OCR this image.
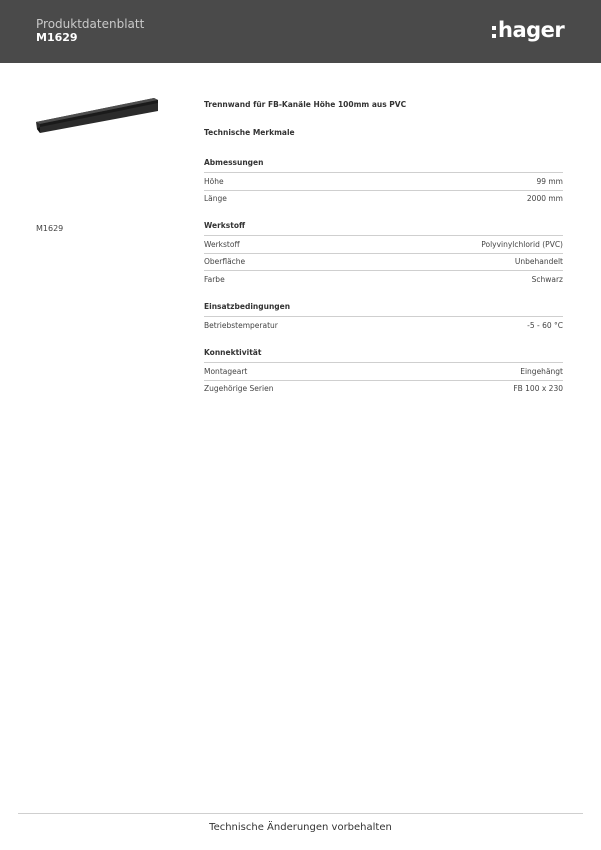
Produktdatenblatt
M1629	hager
M1629
Trennwand für FB-Kanäle Höhe 100mm aus PVC
Technische Merkmale
Abmessungen
Höhe	99 mm
Länge	2000 mm
Werkstoff
Werkstoff	Polyvinylchlorid (PVC)
Oberfläche	Unbehandelt
Farbe	Schwarz
Einsatzbedingungen
Betriebstemperatur	-5 - 60 °C
Konnektivität
Montageart	Eingehängt
Zugehörige Serien	FB 100 x 230
Technische Änderungen vorbehalten
